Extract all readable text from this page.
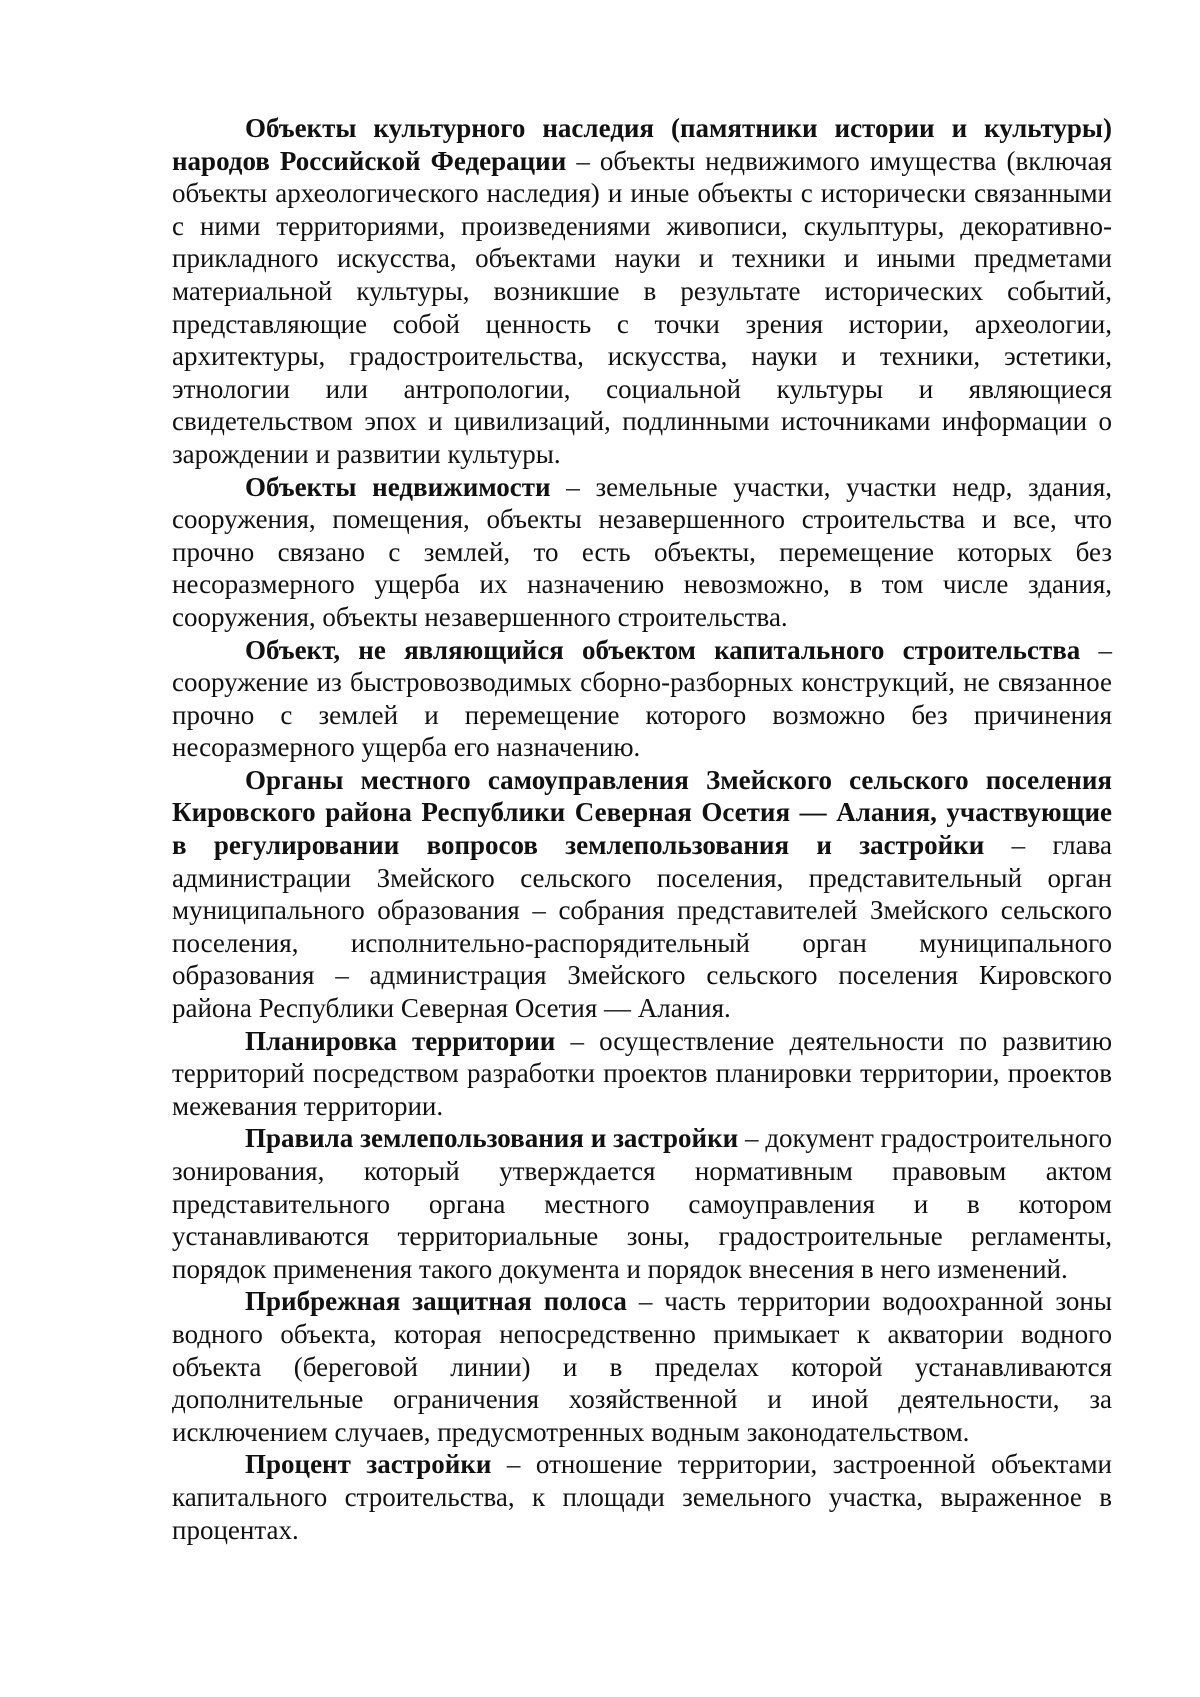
Объекты культурного наследия (памятники истории и культуры) народов Российской Федерации – объекты недвижимого имущества (включая объекты археологического наследия) и иные объекты с исторически связанными с ними территориями, произведениями живописи, скульптуры, декоративно-прикладного искусства, объектами науки и техники и иными предметами материальной культуры, возникшие в результате исторических событий, представляющие собой ценность с точки зрения истории, археологии, архитектуры, градостроительства, искусства, науки и техники, эстетики, этнологии или антропологии, социальной культуры и являющиеся свидетельством эпох и цивилизаций, подлинными источниками информации о зарождении и развитии культуры.

Объекты недвижимости – земельные участки, участки недр, здания, сооружения, помещения, объекты незавершенного строительства и все, что прочно связано с землей, то есть объекты, перемещение которых без несоразмерного ущерба их назначению невозможно, в том числе здания, сооружения, объекты незавершенного строительства.

Объект, не являющийся объектом капитального строительства – сооружение из быстровозводимых сборно-разборных конструкций, не связанное прочно с землей и перемещение которого возможно без причинения несоразмерного ущерба его назначению.

Органы местного самоуправления Змейского сельского поселения Кировского района Республики Северная Осетия — Алания, участвующие в регулировании вопросов землепользования и застройки – глава администрации Змейского сельского поселения, представительный орган муниципального образования – собрания представителей Змейского сельского поселения, исполнительно-распорядительный орган муниципального образования – администрация Змейского сельского поселения Кировского района Республики Северная Осетия — Алания.

Планировка территории – осуществление деятельности по развитию территорий посредством разработки проектов планировки территории, проектов межевания территории.

Правила землепользования и застройки – документ градостроительного зонирования, который утверждается нормативным правовым актом представительного органа местного самоуправления и в котором устанавливаются территориальные зоны, градостроительные регламенты, порядок применения такого документа и порядок внесения в него изменений.

Прибрежная защитная полоса – часть территории водоохранной зоны водного объекта, которая непосредственно примыкает к акватории водного объекта (береговой линии) и в пределах которой устанавливаются дополнительные ограничения хозяйственной и иной деятельности, за исключением случаев, предусмотренных водным законодательством.

Процент застройки – отношение территории, застроенной объектами капитального строительства, к площади земельного участка, выраженное в процентах.
